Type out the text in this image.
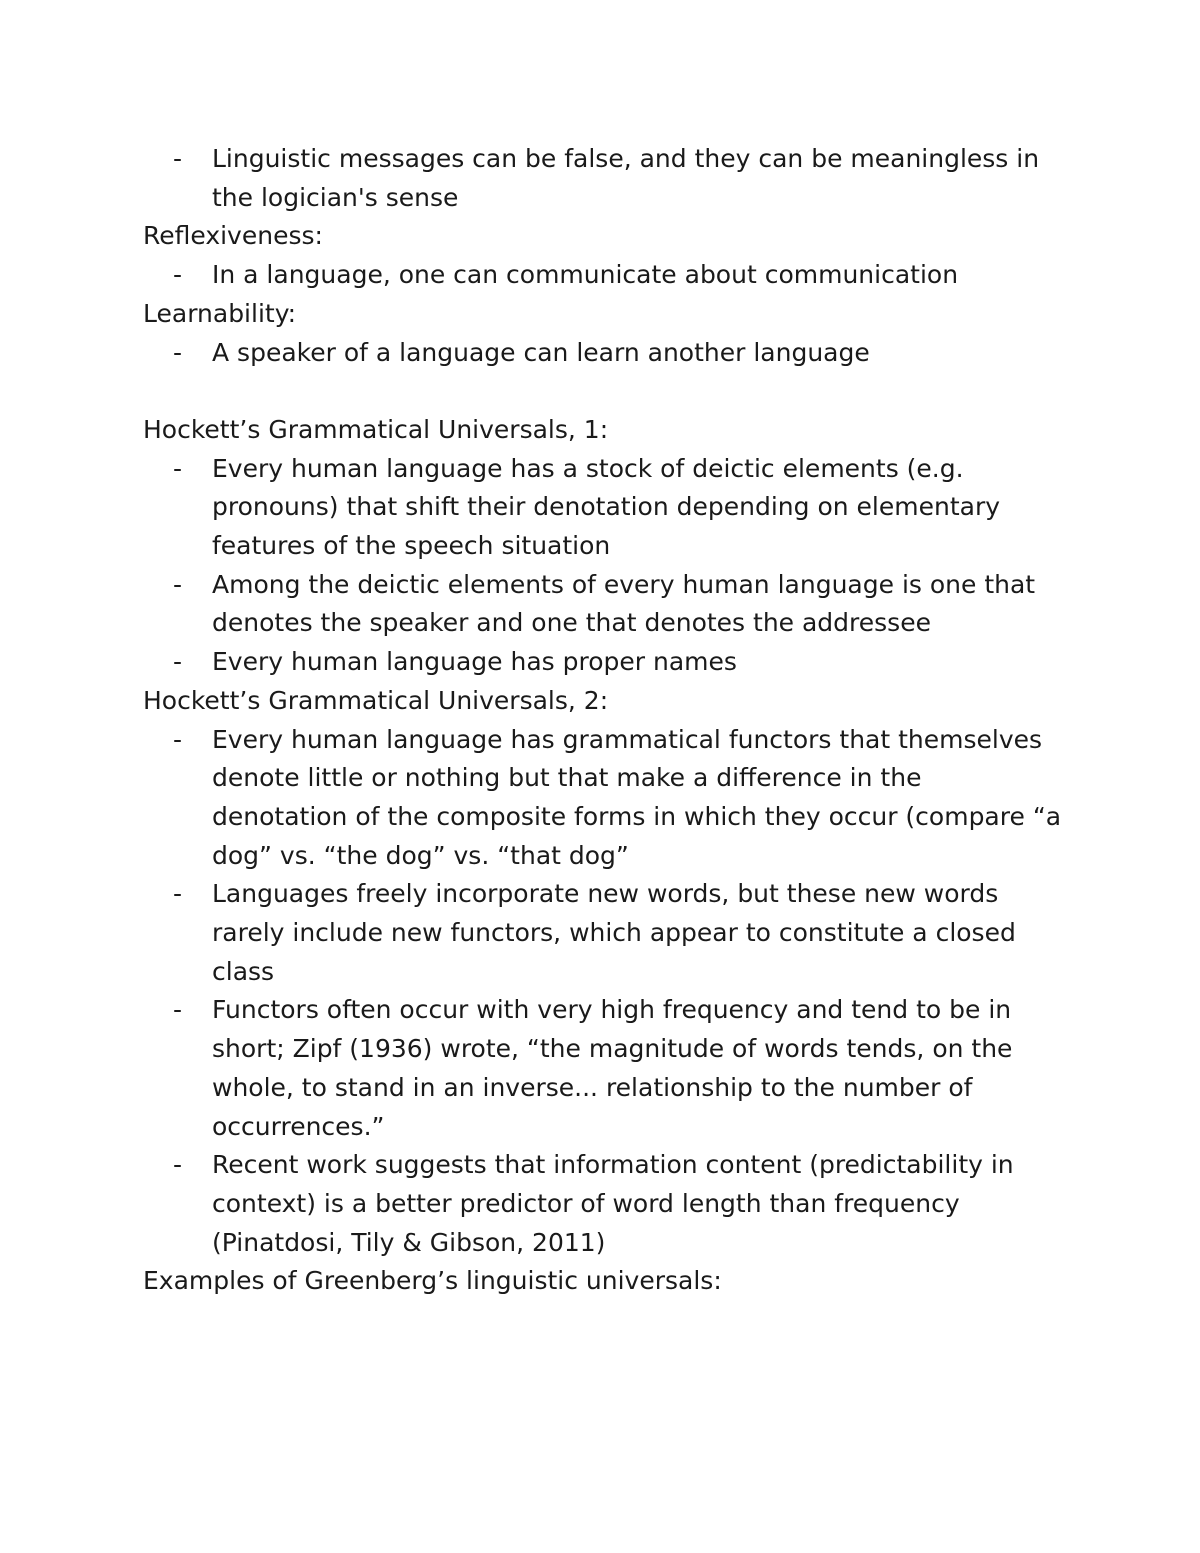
- Linguistic messages can be false, and they can be meaningless in the logician's sense

Reflexiveness:

- In a language, one can communicate about communication

Learnability:

- A speaker of a language can learn another language

Hockett’s Grammatical Universals, 1:

- Every human language has a stock of deictic elements (e.g. pronouns) that shift their denotation depending on elementary features of the speech situation
- Among the deictic elements of every human language is one that denotes the speaker and one that denotes the addressee
- Every human language has proper names

Hockett’s Grammatical Universals, 2:

- Every human language has grammatical functors that themselves denote little or nothing but that make a difference in the denotation of the composite forms in which they occur (compare “a dog” vs. “the dog” vs. “that dog”
- Languages freely incorporate new words, but these new words rarely include new functors, which appear to constitute a closed class
- Functors often occur with very high frequency and tend to be in short; Zipf (1936) wrote, “the magnitude of words tends, on the whole, to stand in an inverse... relationship to the number of occurrences.”
- Recent work suggests that information content (predictability in context) is a better predictor of word length than frequency (Pinatdosi, Tily & Gibson, 2011)

Examples of Greenberg’s linguistic universals:
